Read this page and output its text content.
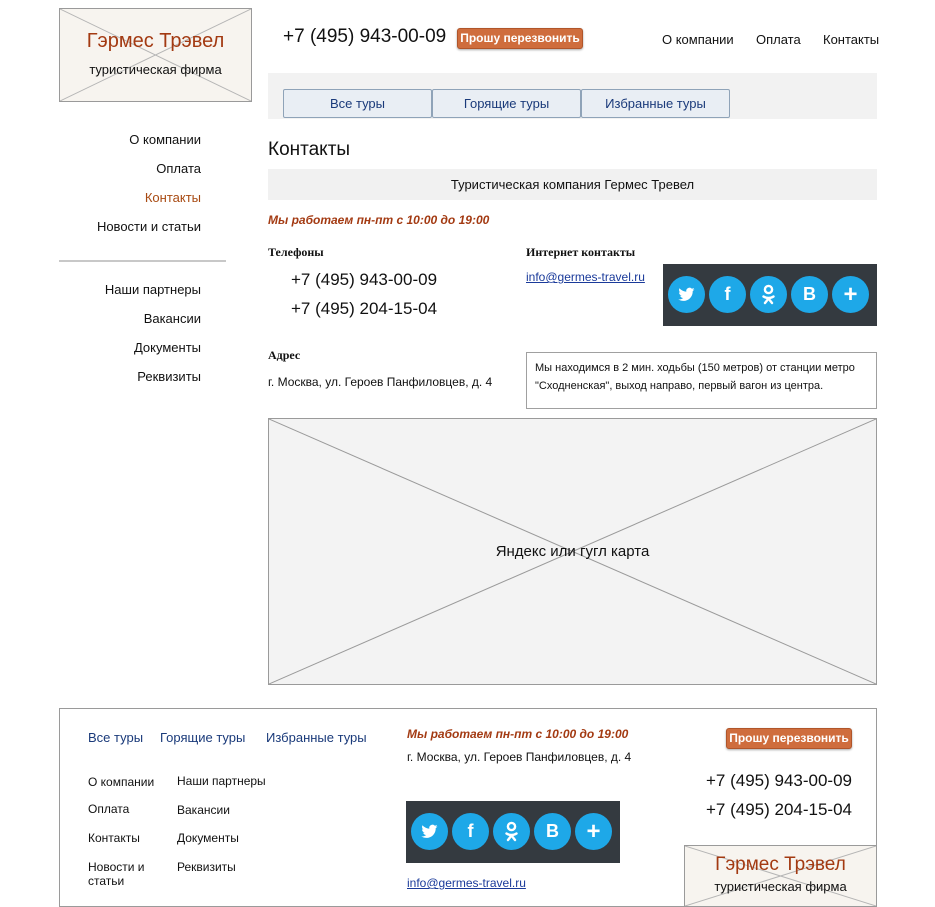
Гэрмес Трэвел
туристическая фирма
+7 (495) 943-00-09 Прошу перезвонить	О компании Оплата Контакты
Все туры	Горящие туры	Избранные туры
О компании
Оплата
Контакты
Новости и статьи
Наши партнеры
Вакансии
Документы
Реквизиты
Контакты
Туристическая компания Гермес Тревел
Мы работаем пн-пт с 10:00 до 19:00
Телефоны
+7 (495) 943-00-09
+7 (495) 204-15-04
Интернет контакты
info@germes-travel.ru
f	B	+
Адрес
г. Москва, ул. Героев Панфиловцев, д. 4
Мы находимся в 2 мин. ходьбы (150 метров) от станции метро "Сходненская", выход направо, первый вагон из центра.
Яндекс или гугл карта
Все туры Горящие туры Избранные туры
О компании
Оплата
Контакты
Новости и статьи
Наши партнеры
Вакансии
Документы
Реквизиты
Мы работаем пн-пт с 10:00 до 19:00
г. Москва, ул. Героев Панфиловцев, д. 4
f	B	+
info@germes-travel.ru
Прошу перезвонить
+7 (495) 943-00-09
+7 (495) 204-15-04
Гэрмес Трэвел
туристическая фирма
